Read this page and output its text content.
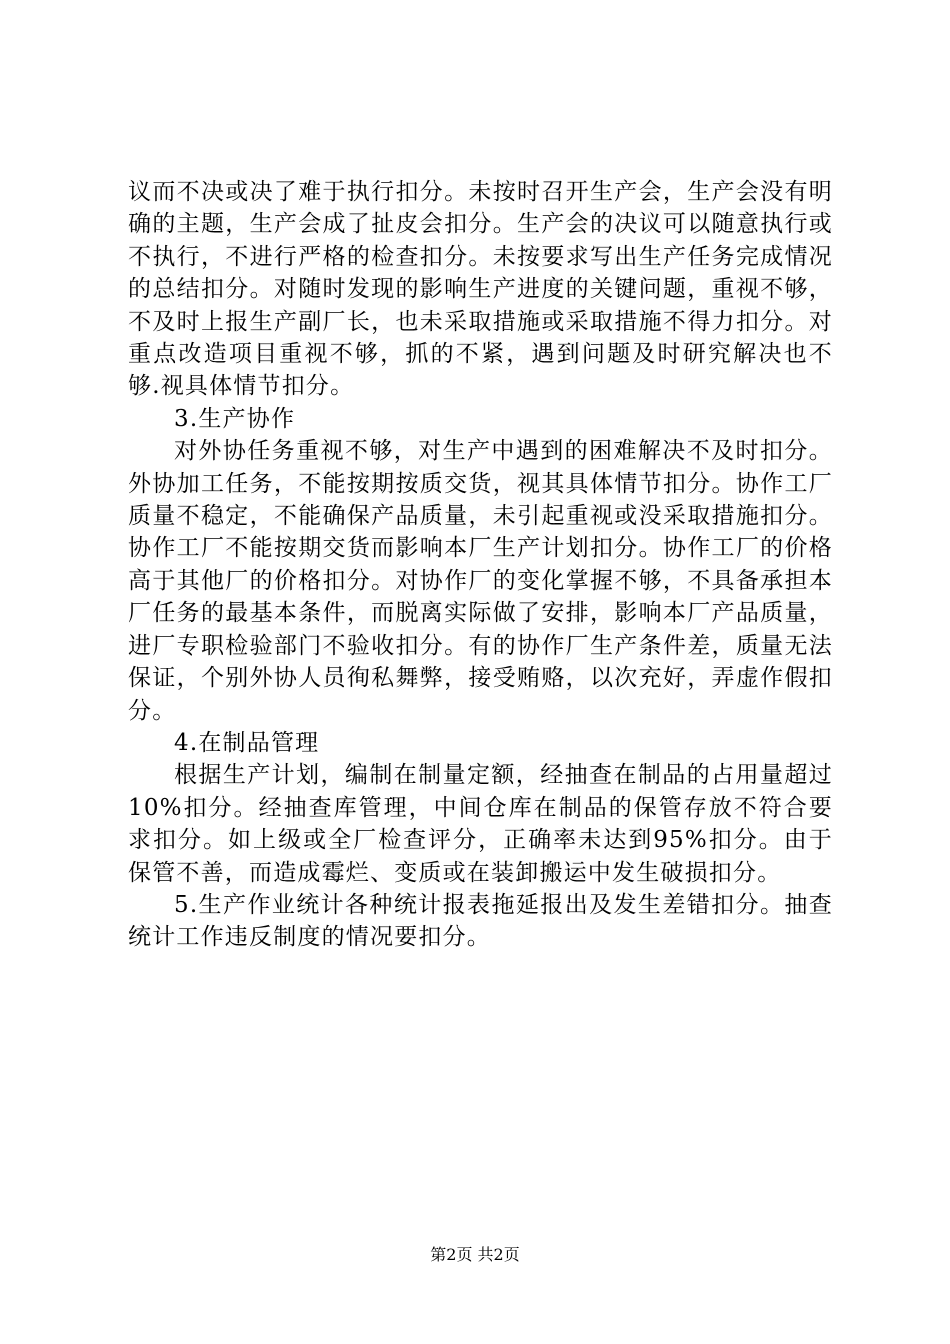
议而不决或决了难于执行扣分。未按时召开生产会，生产会没有明确的主题，生产会成了扯皮会扣分。生产会的决议可以随意执行或不执行，不进行严格的检查扣分。未按要求写出生产任务完成情况的总结扣分。对随时发现的影响生产进度的关键问题，重视不够，不及时上报生产副厂长，也未采取措施或采取措施不得力扣分。对重点改造项目重视不够，抓的不紧，遇到问题及时研究解决也不够.视具体情节扣分。

3.生产协作

对外协任务重视不够，对生产中遇到的困难解决不及时扣分。外协加工任务，不能按期按质交货，视其具体情节扣分。协作工厂质量不稳定，不能确保产品质量，未引起重视或没采取措施扣分。协作工厂不能按期交货而影响本厂生产计划扣分。协作工厂的价格高于其他厂的价格扣分。对协作厂的变化掌握不够，不具备承担本厂任务的最基本条件，而脱离实际做了安排，影响本厂产品质量，进厂专职检验部门不验收扣分。有的协作厂生产条件差，质量无法保证，个别外协人员徇私舞弊，接受贿赂，以次充好，弄虚作假扣分。

4.在制品管理

根据生产计划，编制在制量定额，经抽查在制品的占用量超过10%扣分。经抽查库管理，中间仓库在制品的保管存放不符合要求扣分。如上级或全厂检查评分，正确率未达到95%扣分。由于保管不善，而造成霉烂、变质或在装卸搬运中发生破损扣分。

5.生产作业统计各种统计报表拖延报出及发生差错扣分。抽查统计工作违反制度的情况要扣分。

第2页 共2页
